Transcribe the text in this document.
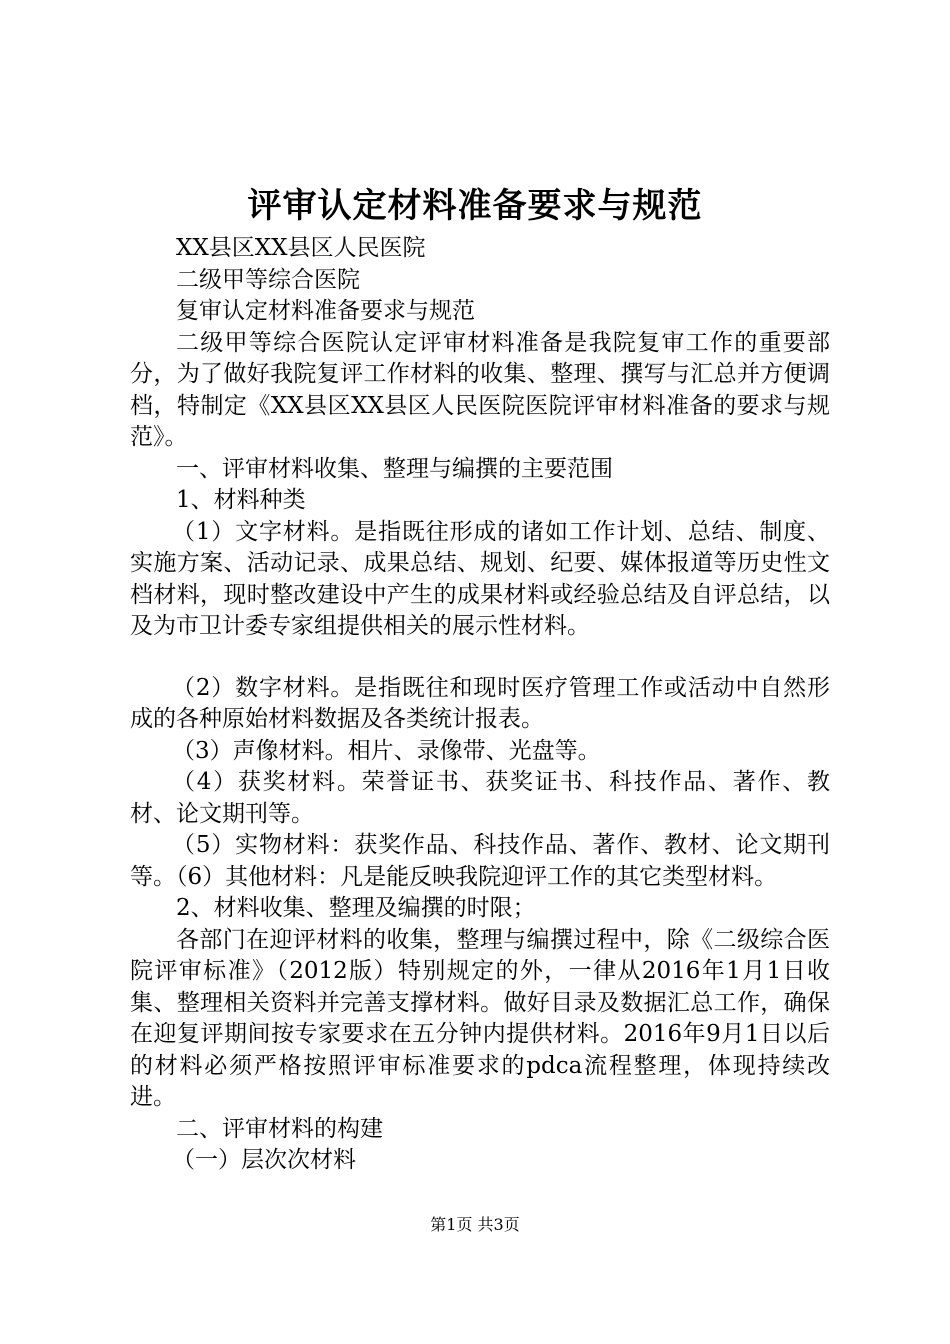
评审认定材料准备要求与规范

XX县区XX县区人民医院

二级甲等综合医院

复审认定材料准备要求与规范

二级甲等综合医院认定评审材料准备是我院复审工作的重要部分，为了做好我院复评工作材料的收集、整理、撰写与汇总并方便调档，特制定《XX县区XX县区人民医院医院评审材料准备的要求与规范》。

一、评审材料收集、整理与编撰的主要范围

1、材料种类

（1）文字材料。是指既往形成的诸如工作计划、总结、制度、实施方案、活动记录、成果总结、规划、纪要、媒体报道等历史性文档材料，现时整改建设中产生的成果材料或经验总结及自评总结，以及为市卫计委专家组提供相关的展示性材料。

（2）数字材料。是指既往和现时医疗管理工作或活动中自然形成的各种原始材料数据及各类统计报表。

（3）声像材料。相片、录像带、光盘等。

（4）获奖材料。荣誉证书、获奖证书、科技作品、著作、教材、论文期刊等。

（5）实物材料：获奖作品、科技作品、著作、教材、论文期刊等。（6）其他材料：凡是能反映我院迎评工作的其它类型材料。

2、材料收集、整理及编撰的时限；

各部门在迎评材料的收集，整理与编撰过程中，除《二级综合医院评审标准》（2012版）特别规定的外，一律从2016年1月1日收集、整理相关资料并完善支撑材料。做好目录及数据汇总工作，确保在迎复评期间按专家要求在五分钟内提供材料。2016年9月1日以后的材料必须严格按照评审标准要求的pdca流程整理，体现持续改进。

二、评审材料的构建

（一）层次次材料

第1页 共3页
